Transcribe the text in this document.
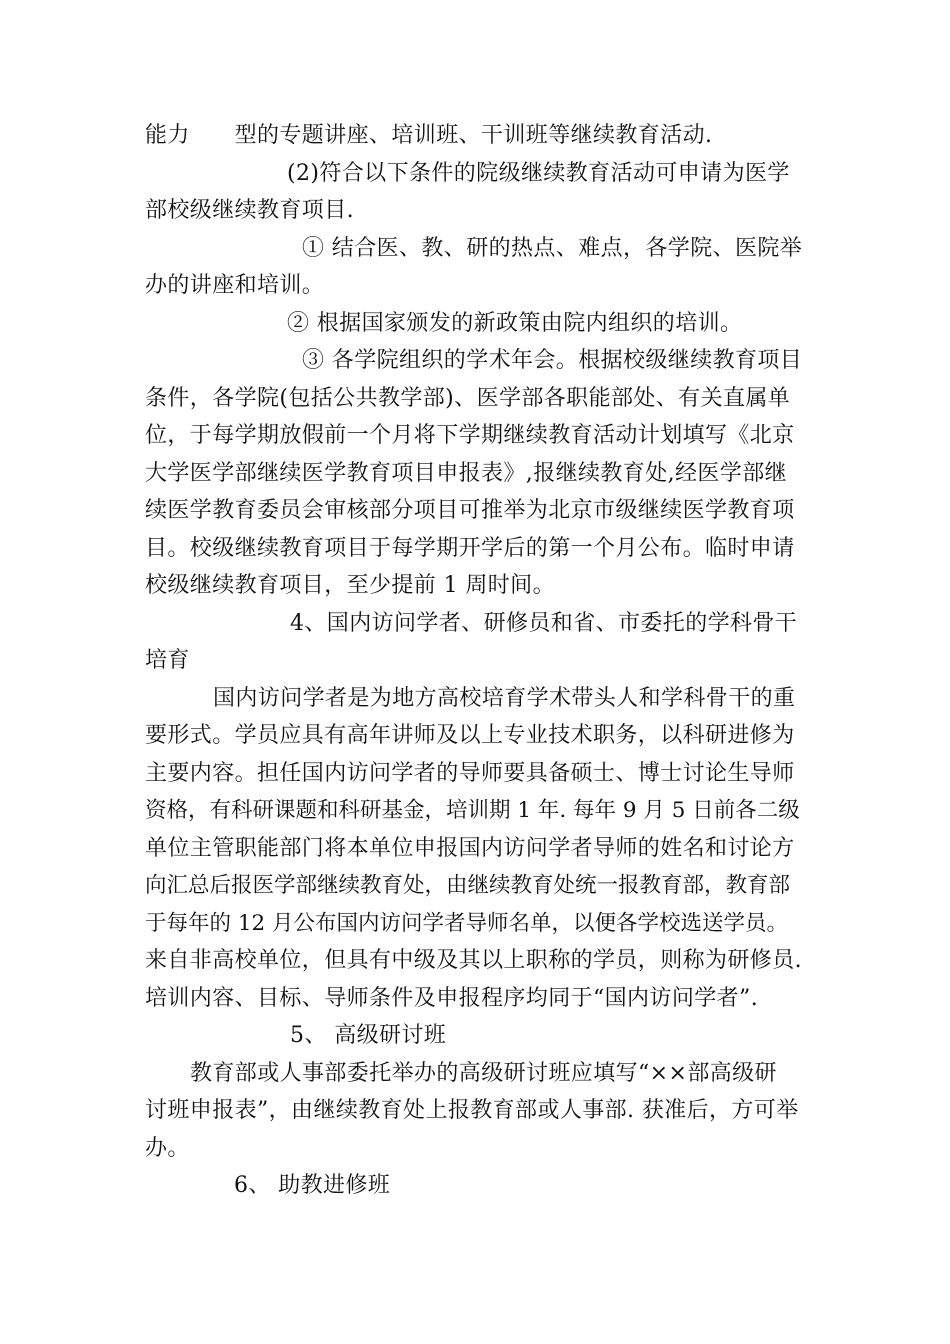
能力　　型的专题讲座、培训班、干训班等继续教育活动.
(2)符合以下条件的院级继续教育活动可申请为医学
部校级继续教育项目.
① 结合医、教、研的热点、难点，各学院、医院举
办的讲座和培训。
② 根据国家颁发的新政策由院内组织的培训。
③ 各学院组织的学术年会。根据校级继续教育项目
条件，各学院(包括公共教学部)、医学部各职能部处、有关直属单
位，于每学期放假前一个月将下学期继续教育活动计划填写《北京
大学医学部继续医学教育项目申报表》,报继续教育处,经医学部继
续医学教育委员会审核部分项目可推举为北京市级继续医学教育项
目。校级继续教育项目于每学期开学后的第一个月公布。临时申请
校级继续教育项目，至少提前 1 周时间。
4、国内访问学者、研修员和省、市委托的学科骨干
培育
国内访问学者是为地方高校培育学术带头人和学科骨干的重
要形式。学员应具有高年讲师及以上专业技术职务，以科研进修为
主要内容。担任国内访问学者的导师要具备硕士、博士讨论生导师
资格，有科研课题和科研基金，培训期 1 年. 每年 9 月 5 日前各二级
单位主管职能部门将本单位申报国内访问学者导师的姓名和讨论方
向汇总后报医学部继续教育处，由继续教育处统一报教育部，教育部
于每年的 12 月公布国内访问学者导师名单，以便各学校选送学员。
来自非高校单位，但具有中级及其以上职称的学员，则称为研修员.
培训内容、目标、导师条件及申报程序均同于“国内访问学者”.
5、 高级研讨班
教育部或人事部委托举办的高级研讨班应填写“××部高级研
讨班申报表”，由继续教育处上报教育部或人事部. 获准后，方可举
办。
6、 助教进修班
